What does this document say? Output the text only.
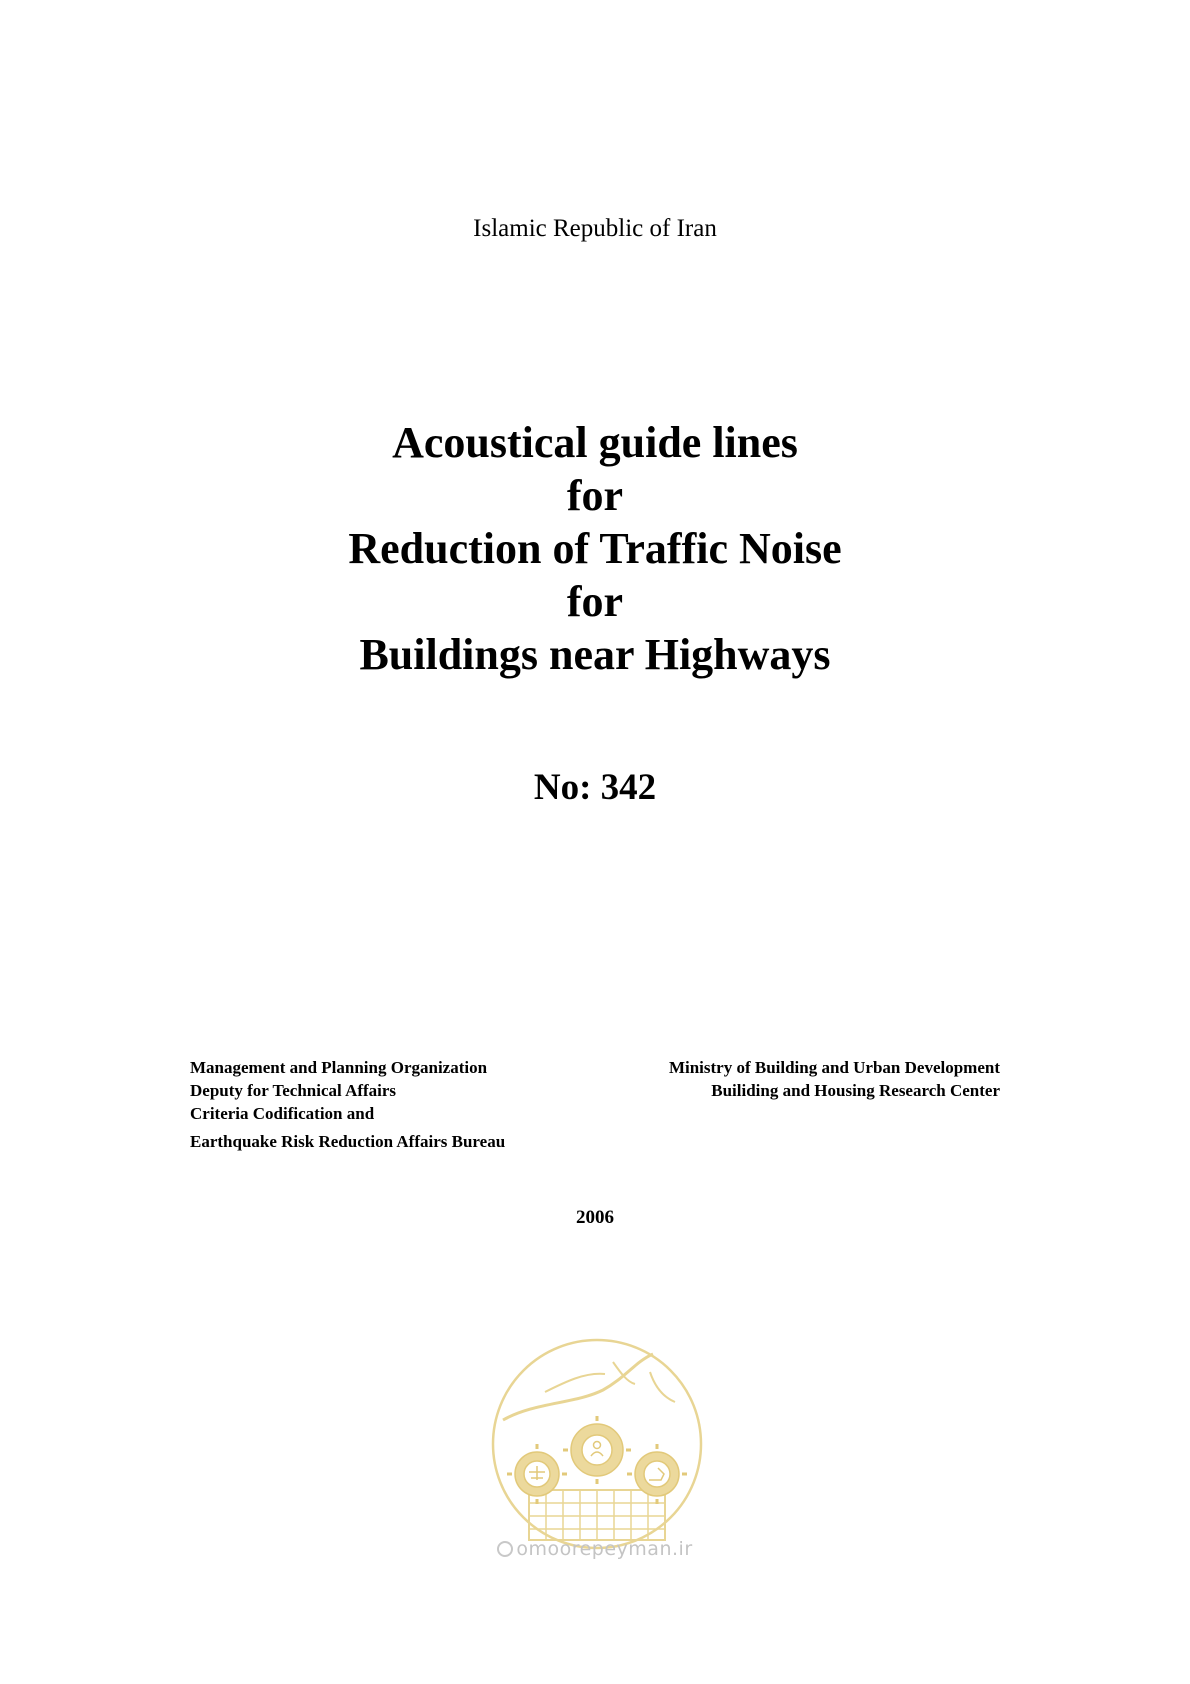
Islamic Republic of Iran
Acoustical guide lines
for
Reduction of Traffic Noise
for
Buildings near Highways
No: 342
Management and Planning Organization
Deputy for Technical Affairs
Criteria Codification and
Earthquake Risk Reduction Affairs Bureau
Ministry of Building and Urban Development
Builiding and Housing Research Center
2006
omoorepeyman.ir
